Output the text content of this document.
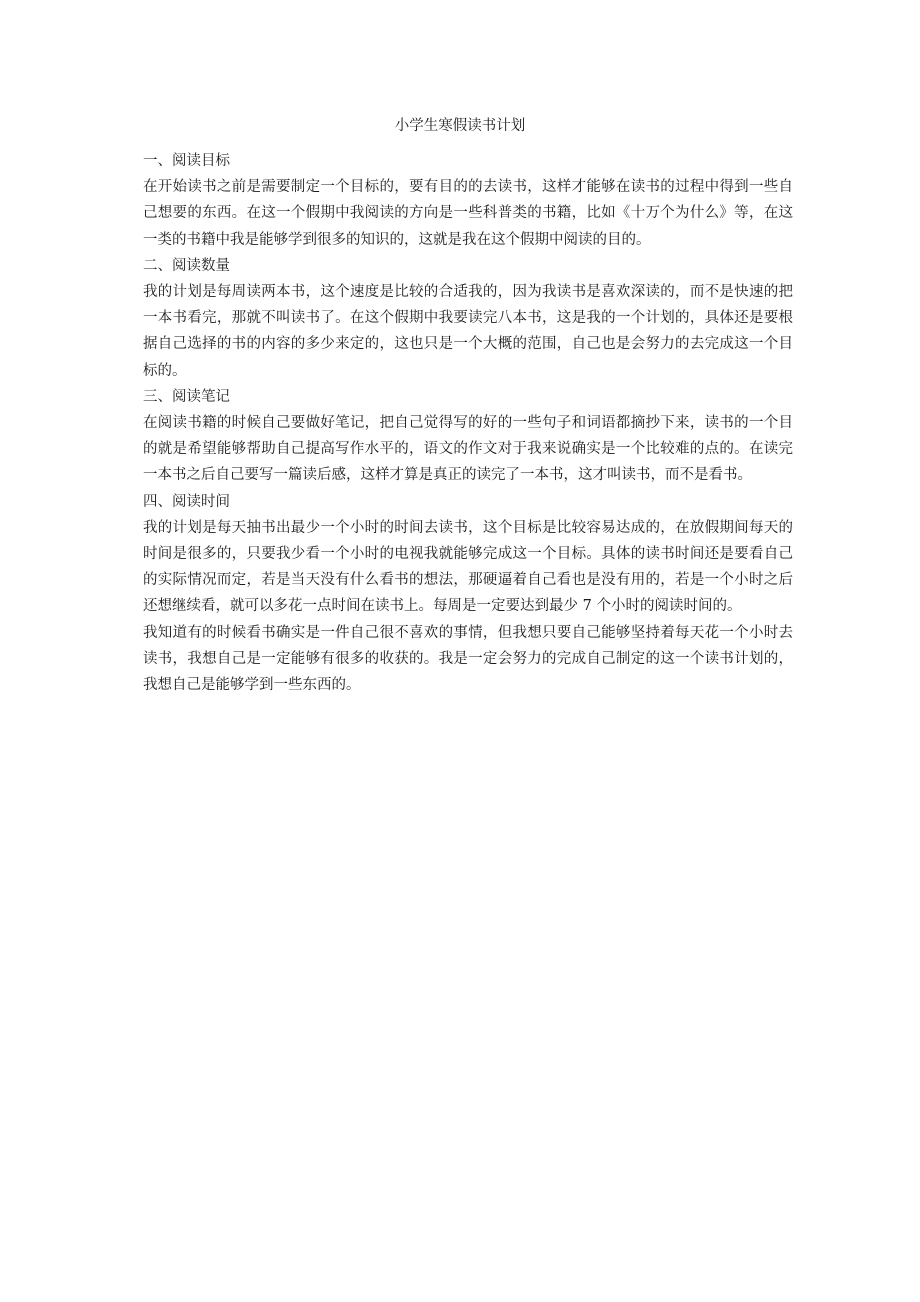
小学生寒假读书计划

一、阅读目标

在开始读书之前是需要制定一个目标的，要有目的的去读书，这样才能够在读书的过程中得到一些自己想要的东西。在这一个假期中我阅读的方向是一些科普类的书籍，比如《十万个为什么》等，在这一类的书籍中我是能够学到很多的知识的，这就是我在这个假期中阅读的目的。

二、阅读数量

我的计划是每周读两本书，这个速度是比较的合适我的，因为我读书是喜欢深读的，而不是快速的把一本书看完，那就不叫读书了。在这个假期中我要读完八本书，这是我的一个计划的，具体还是要根据自己选择的书的内容的多少来定的，这也只是一个大概的范围，自己也是会努力的去完成这一个目标的。

三、阅读笔记

在阅读书籍的时候自己要做好笔记，把自己觉得写的好的一些句子和词语都摘抄下来，读书的一个目的就是希望能够帮助自己提高写作水平的，语文的作文对于我来说确实是一个比较难的点的。在读完一本书之后自己要写一篇读后感，这样才算是真正的读完了一本书，这才叫读书，而不是看书。

四、阅读时间

我的计划是每天抽书出最少一个小时的时间去读书，这个目标是比较容易达成的，在放假期间每天的时间是很多的，只要我少看一个小时的电视我就能够完成这一个目标。具体的读书时间还是要看自己的实际情况而定，若是当天没有什么看书的想法，那硬逼着自己看也是没有用的，若是一个小时之后还想继续看，就可以多花一点时间在读书上。每周是一定要达到最少 7 个小时的阅读时间的。

我知道有的时候看书确实是一件自己很不喜欢的事情，但我想只要自己能够坚持着每天花一个小时去读书，我想自己是一定能够有很多的收获的。我是一定会努力的完成自己制定的这一个读书计划的，我想自己是能够学到一些东西的。
